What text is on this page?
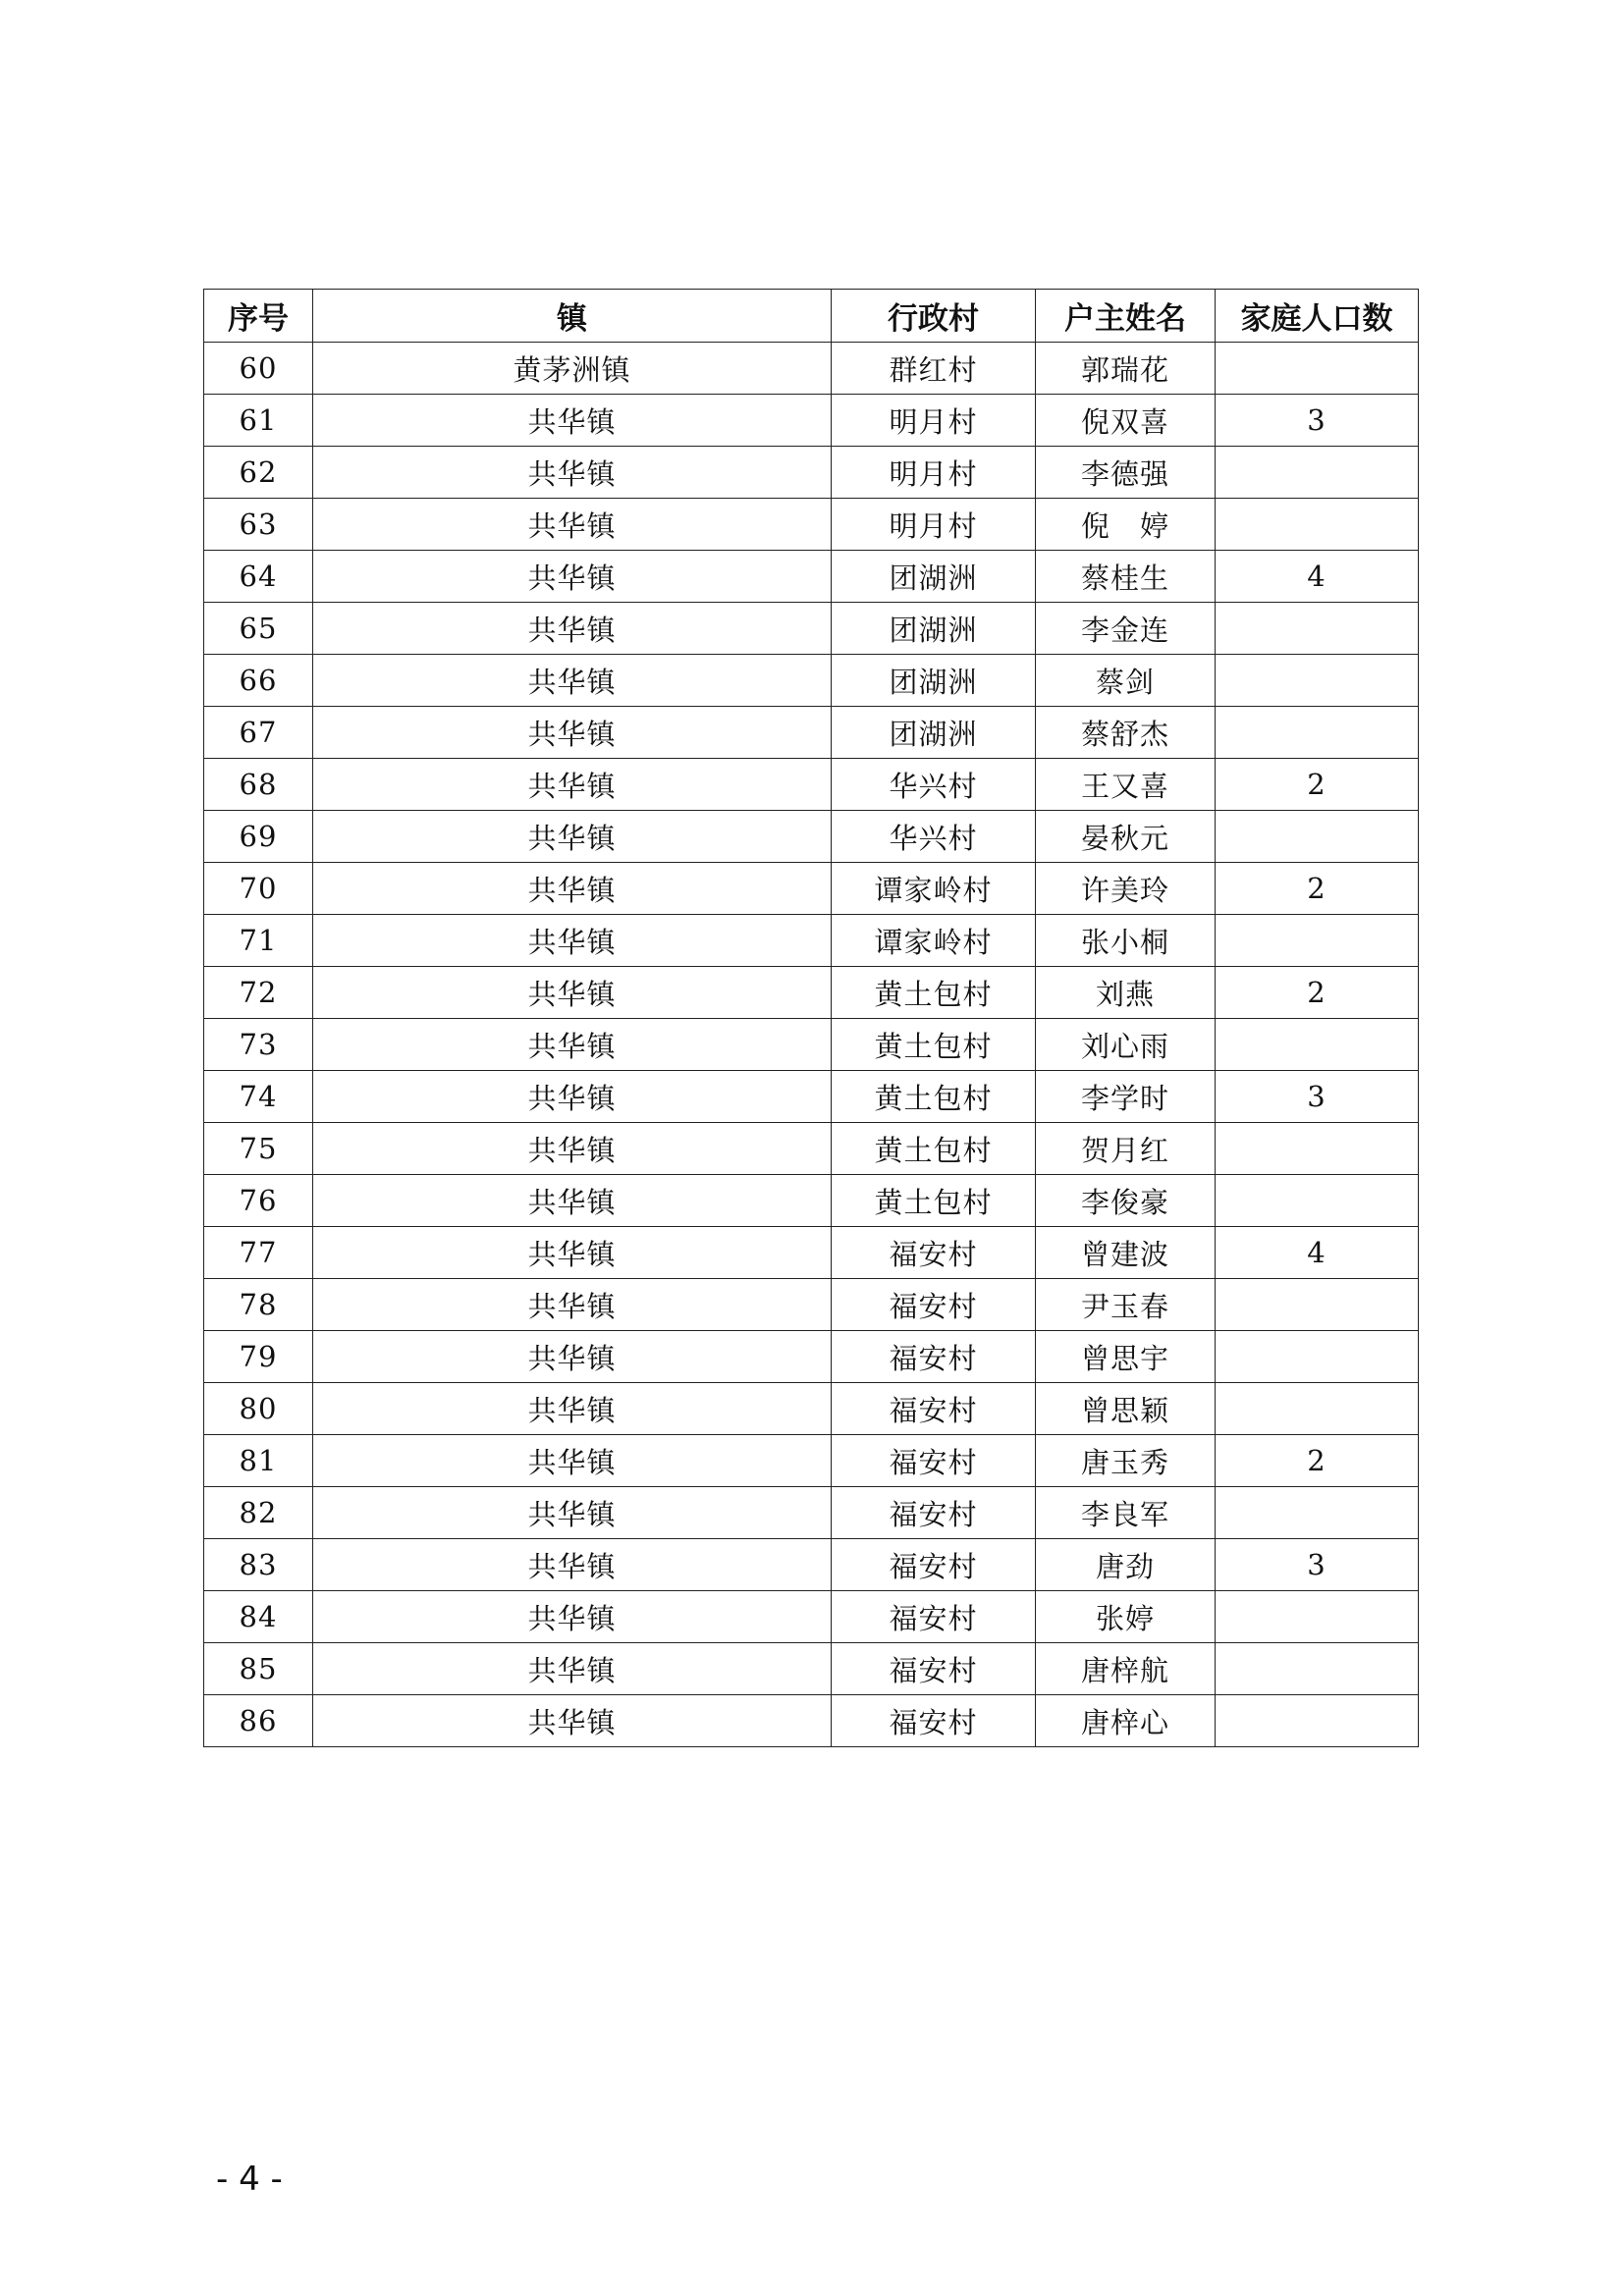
序号	镇	行政村	户主姓名	家庭人口数
60	黄茅洲镇	群红村	郭瑞花	
61	共华镇	明月村	倪双喜	3
62	共华镇	明月村	李德强	
63	共华镇	明月村	倪　婷	
64	共华镇	团湖洲	蔡桂生	4
65	共华镇	团湖洲	李金连	
66	共华镇	团湖洲	蔡剑	
67	共华镇	团湖洲	蔡舒杰	
68	共华镇	华兴村	王又喜	2
69	共华镇	华兴村	晏秋元	
70	共华镇	谭家岭村	许美玲	2
71	共华镇	谭家岭村	张小桐	
72	共华镇	黄土包村	刘燕	2
73	共华镇	黄土包村	刘心雨	
74	共华镇	黄土包村	李学时	3
75	共华镇	黄土包村	贺月红	
76	共华镇	黄土包村	李俊豪	
77	共华镇	福安村	曾建波	4
78	共华镇	福安村	尹玉春	
79	共华镇	福安村	曾思宇	
80	共华镇	福安村	曾思颖	
81	共华镇	福安村	唐玉秀	2
82	共华镇	福安村	李良军	
83	共华镇	福安村	唐劲	3
84	共华镇	福安村	张婷	
85	共华镇	福安村	唐梓航	
86	共华镇	福安村	唐梓心	
- 4 -
